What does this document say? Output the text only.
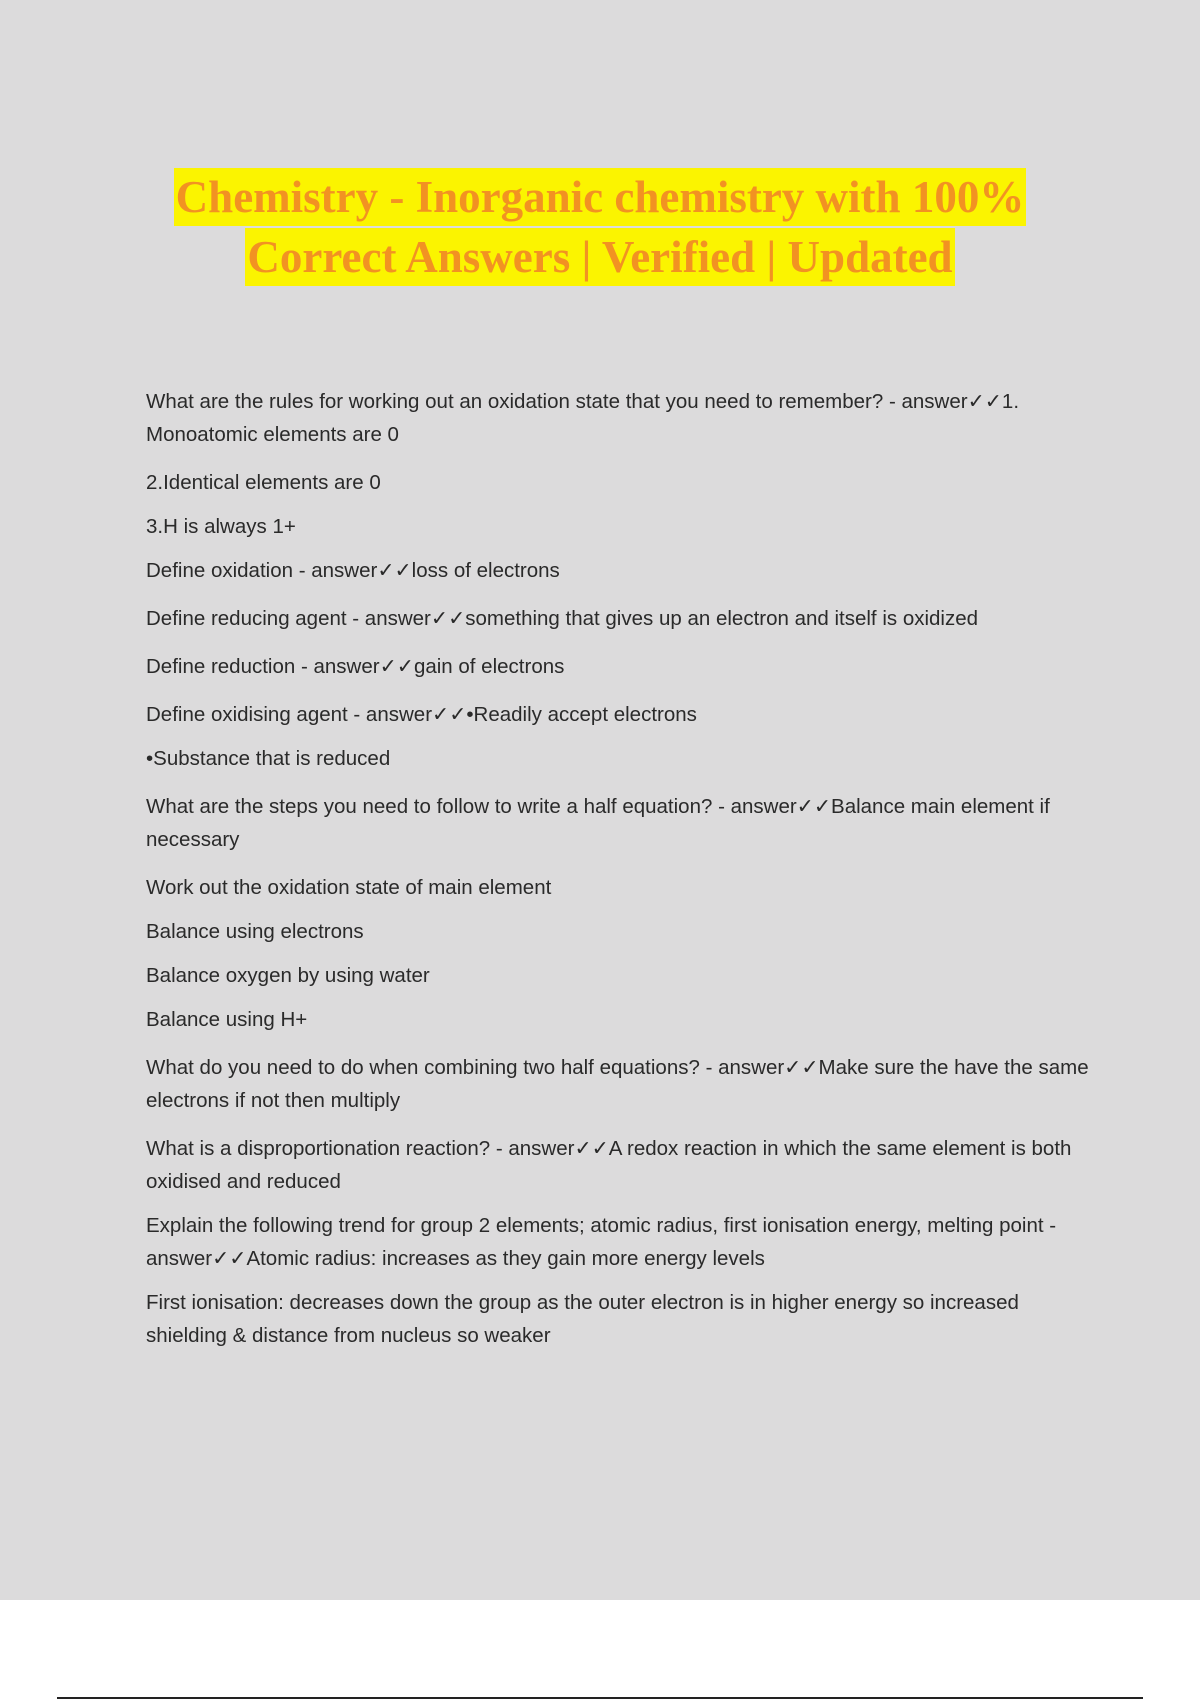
Chemistry - Inorganic chemistry with 100%
Correct Answers | Verified | Updated

What are the rules for working out an oxidation state that you need to remember? - answer✓✓1. Monoatomic elements are 0

2.Identical elements are 0

3.H is always 1+

Define oxidation - answer✓✓loss of electrons

Define reducing agent - answer✓✓something that gives up an electron and itself is oxidized

Define reduction - answer✓✓gain of electrons

Define oxidising agent - answer✓✓•Readily accept electrons

•Substance that is reduced

What are the steps you need to follow to write a half equation? - answer✓✓Balance main element if necessary

Work out the oxidation state of main element

Balance using electrons

Balance oxygen by using water

Balance using H+

What do you need to do when combining two half equations? - answer✓✓Make sure the have the same electrons if not then multiply

What is a disproportionation reaction? - answer✓✓A redox reaction in which the same element is both oxidised and reduced

Explain the following trend for group 2 elements; atomic radius, first ionisation energy, melting point - answer✓✓Atomic radius: increases as they gain more energy levels

First ionisation: decreases down the group as the outer electron is in higher energy so increased shielding & distance from nucleus so weaker
